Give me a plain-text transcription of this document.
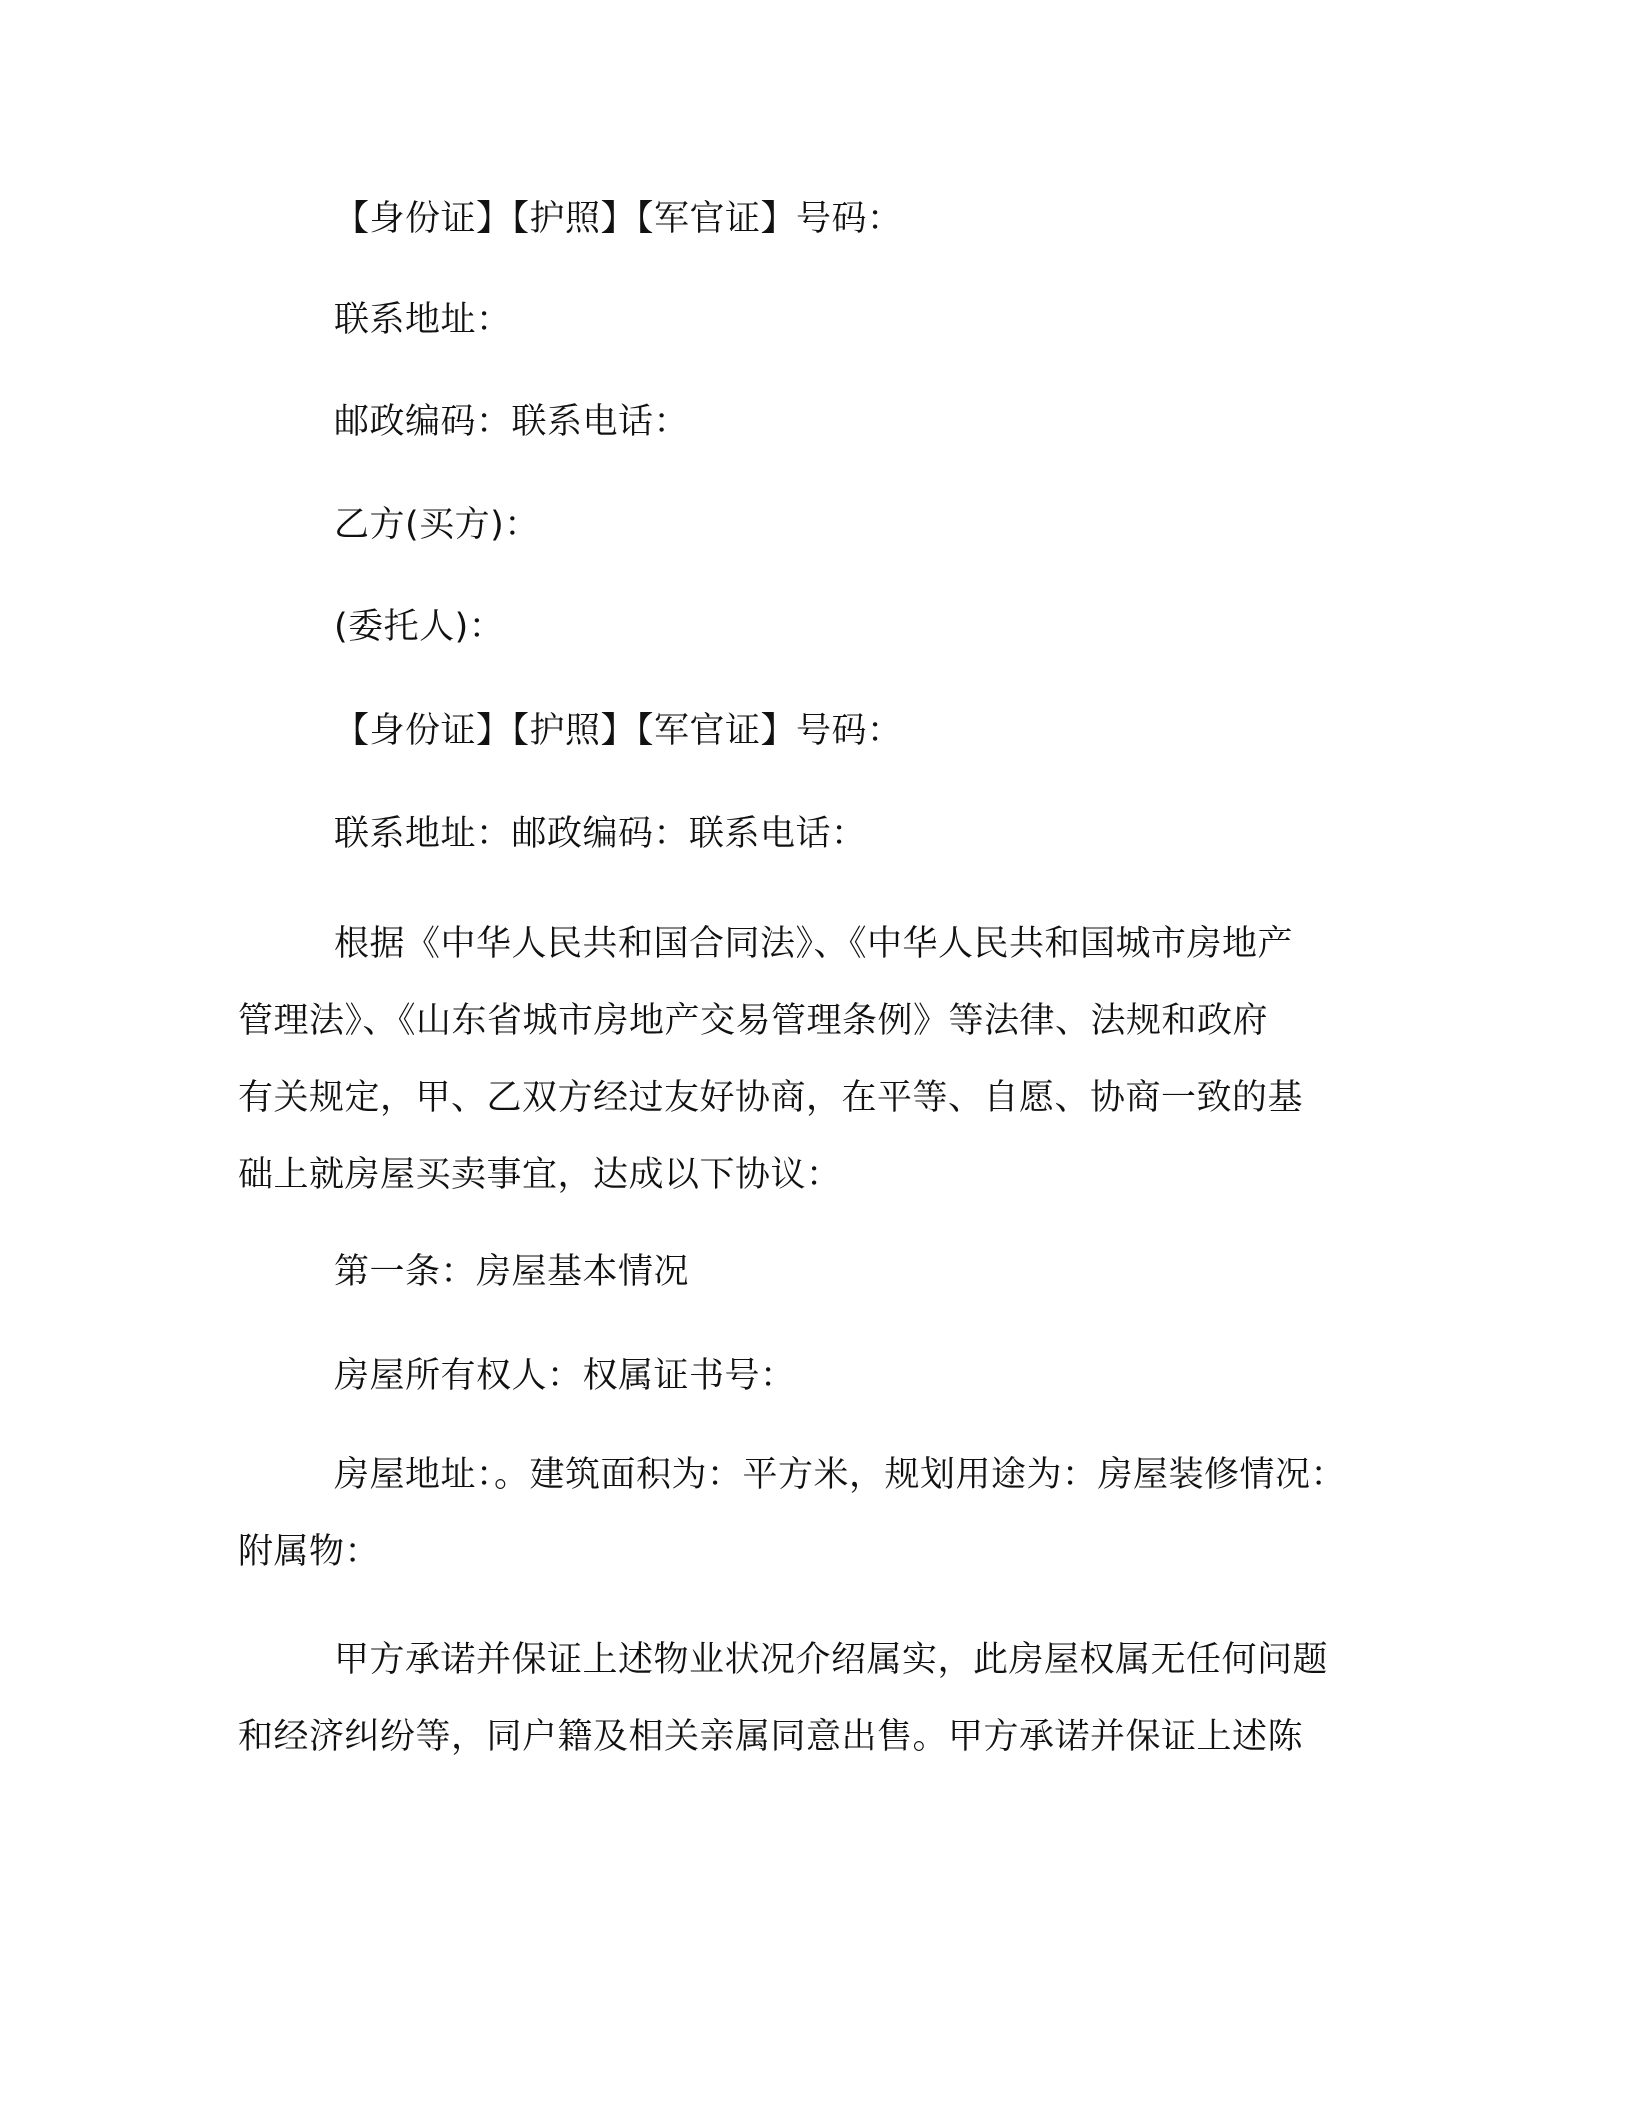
【身份证】【护照】【军官证】号码：
联系地址：
邮政编码：联系电话：
乙方(买方)：
(委托人)：
【身份证】【护照】【军官证】号码：
联系地址：邮政编码：联系电话：
根据《中华人民共和国合同法》、《中华人民共和国城市房地产
管理法》、《山东省城市房地产交易管理条例》等法律、法规和政府
有关规定，甲、乙双方经过友好协商，在平等、自愿、协商一致的基
础上就房屋买卖事宜，达成以下协议：
第一条：房屋基本情况
房屋所有权人：权属证书号：
房屋地址：。建筑面积为：平方米，规划用途为：房屋装修情况：
附属物：
甲方承诺并保证上述物业状况介绍属实，此房屋权属无任何问题
和经济纠纷等，同户籍及相关亲属同意出售。甲方承诺并保证上述陈
